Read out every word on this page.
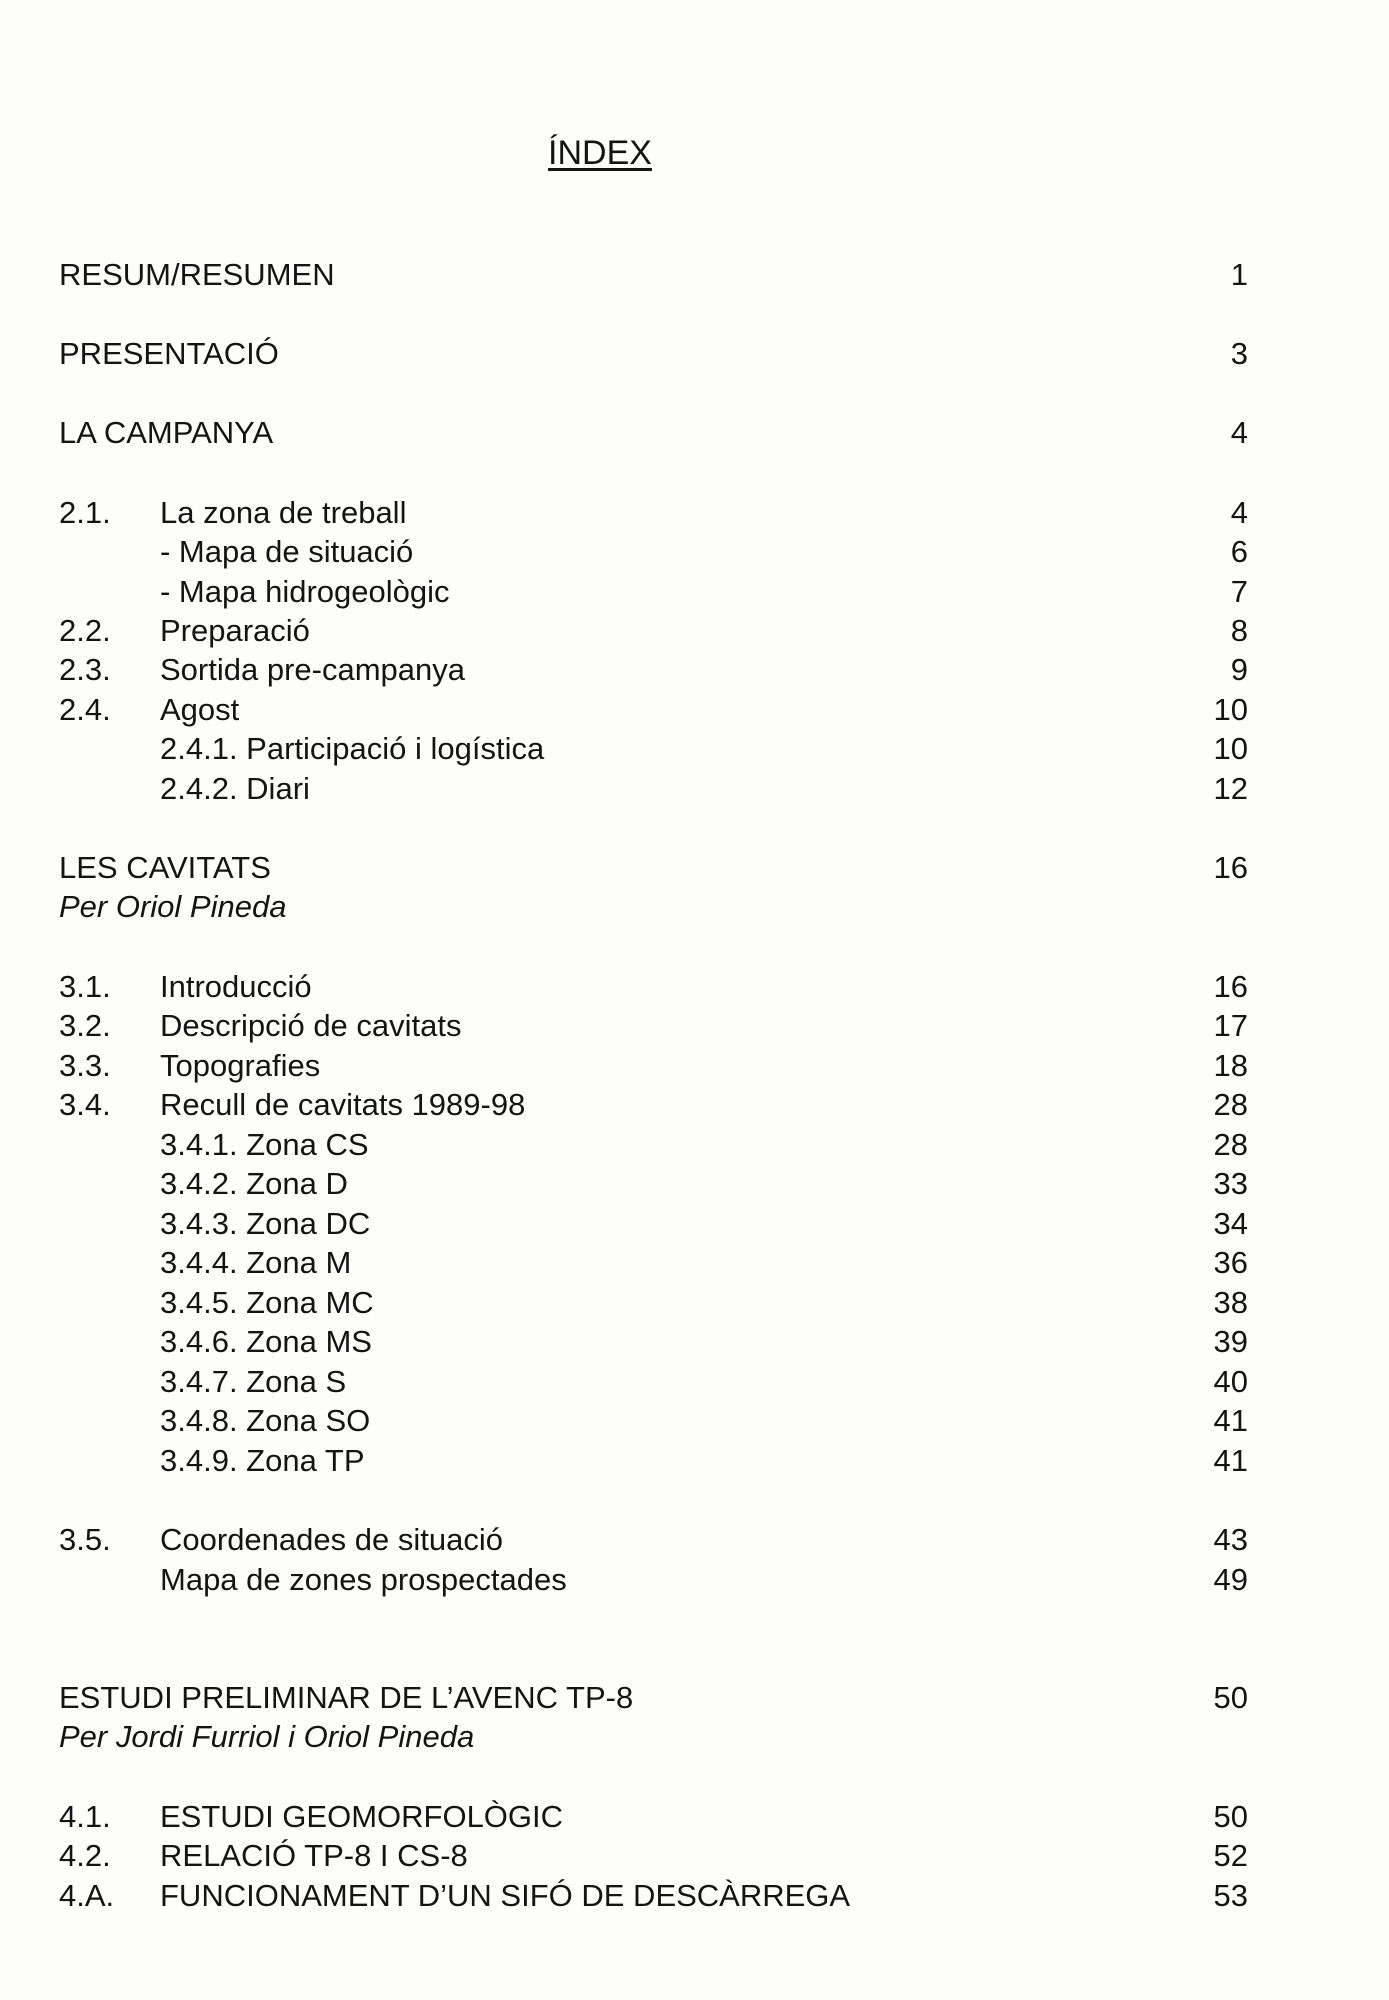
ÍNDEX
RESUM/RESUMEN	1
PRESENTACIÓ	3
LA CAMPANYA	4
2.1. La zona de treball	4
- Mapa de situació	6
- Mapa hidrogeològic	7
2.2. Preparació	8
2.3. Sortida pre-campanya	9
2.4. Agost	10
2.4.1. Participació i logística	10
2.4.2. Diari	12
LES CAVITATS	16
Per Oriol Pineda
3.1. Introducció	16
3.2. Descripció de cavitats	17
3.3. Topografies	18
3.4. Recull de cavitats 1989-98	28
3.4.1. Zona CS	28
3.4.2. Zona D	33
3.4.3. Zona DC	34
3.4.4. Zona M	36
3.4.5. Zona MC	38
3.4.6. Zona MS	39
3.4.7. Zona S	40
3.4.8. Zona SO	41
3.4.9. Zona TP	41
3.5. Coordenades de situació	43
Mapa de zones prospectades	49
ESTUDI PRELIMINAR DE L’AVENC TP-8	50
Per Jordi Furriol i Oriol Pineda
4.1. ESTUDI GEOMORFOLÒGIC	50
4.2. RELACIÓ TP-8 I CS-8	52
4.A. FUNCIONAMENT D’UN SIFÓ DE DESCÀRREGA	53
